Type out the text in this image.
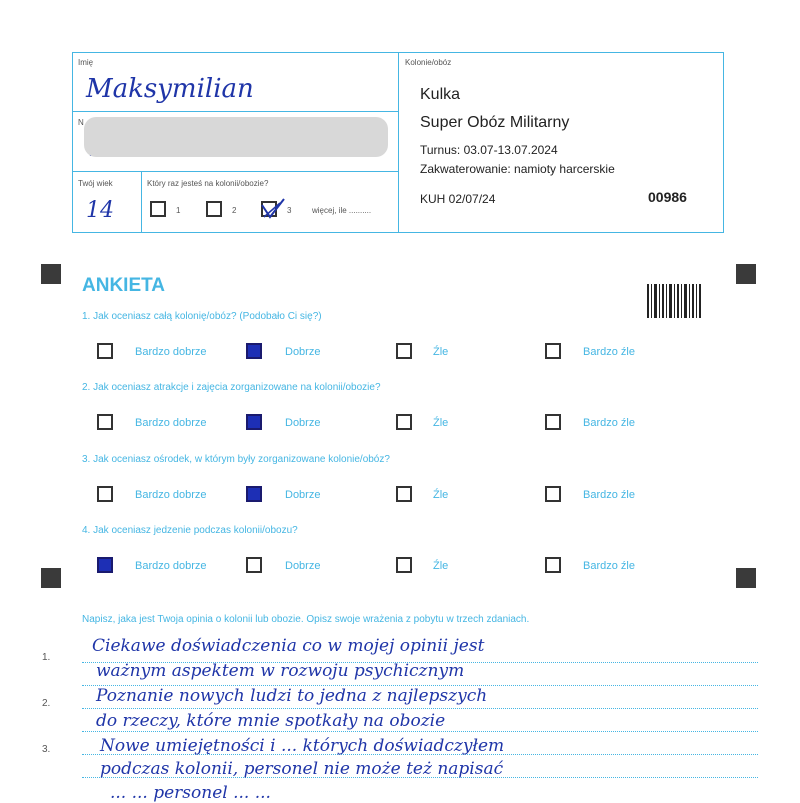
Imię
Maksymilian
N
Twój wiek
14
Który raz jesteś na kolonii/obozie?
1	2	3	więcej, ile ..........
Kolonie/obóz
Kulka
Super Obóz Militarny
Turnus: 03.07-13.07.2024
Zakwaterowanie: namioty harcerskie
KUH 02/07/24	00986
ANKIETA
1. Jak oceniasz całą kolonię/obóz? (Podobało Ci się?)
Bardzo dobrze	Dobrze	Źle	Bardzo źle
2. Jak oceniasz atrakcje i zajęcia zorganizowane na kolonii/obozie?
Bardzo dobrze	Dobrze	Źle	Bardzo źle
3. Jak oceniasz ośrodek, w którym były zorganizowane kolonie/obóz?
Bardzo dobrze	Dobrze	Źle	Bardzo źle
4. Jak oceniasz jedzenie podczas kolonii/obozu?
Bardzo dobrze	Dobrze	Źle	Bardzo źle
Napisz, jaka jest Twoja opinia o kolonii lub obozie. Opisz swoje wrażenia z pobytu w trzech zdaniach.
1.
2.
3.
Ciekawe doświadczenia co w mojej opinii jest
ważnym aspektem w rozwoju psychicznym
Poznanie nowych ludzi to jedna z najlepszych
do rzeczy, które mnie spotkały na obozie
Nowe umiejętności i ... których doświadczyłem
podczas kolonii, personel nie może też napisać
... ... personel ... ...
